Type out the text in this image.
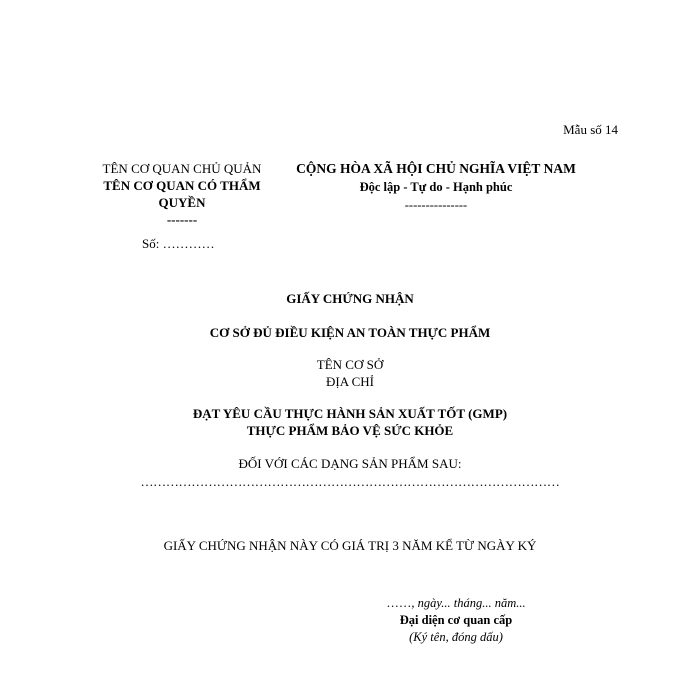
Mẫu số 14
TÊN CƠ QUAN CHỦ QUẢN
TÊN CƠ QUAN CÓ THẨM
QUYỀN
-------
CỘNG HÒA XÃ HỘI CHỦ NGHĨA VIỆT NAM
Độc lập - Tự do - Hạnh phúc
---------------
Số: …………
GIẤY CHỨNG NHẬN
CƠ SỞ ĐỦ ĐIỀU KIỆN AN TOÀN THỰC PHẨM
TÊN CƠ SỞ
ĐỊA CHỈ
ĐẠT YÊU CẦU THỰC HÀNH SẢN XUẤT TỐT (GMP)
THỰC PHẨM BẢO VỆ SỨC KHỎE
ĐỐI VỚI CÁC DẠNG SẢN PHẨM SAU:
………………………………………………………………………………………
GIẤY CHỨNG NHẬN NÀY CÓ GIÁ TRỊ 3 NĂM KỂ TỪ NGÀY KÝ
……, ngày... tháng... năm...
Đại diện cơ quan cấp
(Ký tên, đóng dấu)
